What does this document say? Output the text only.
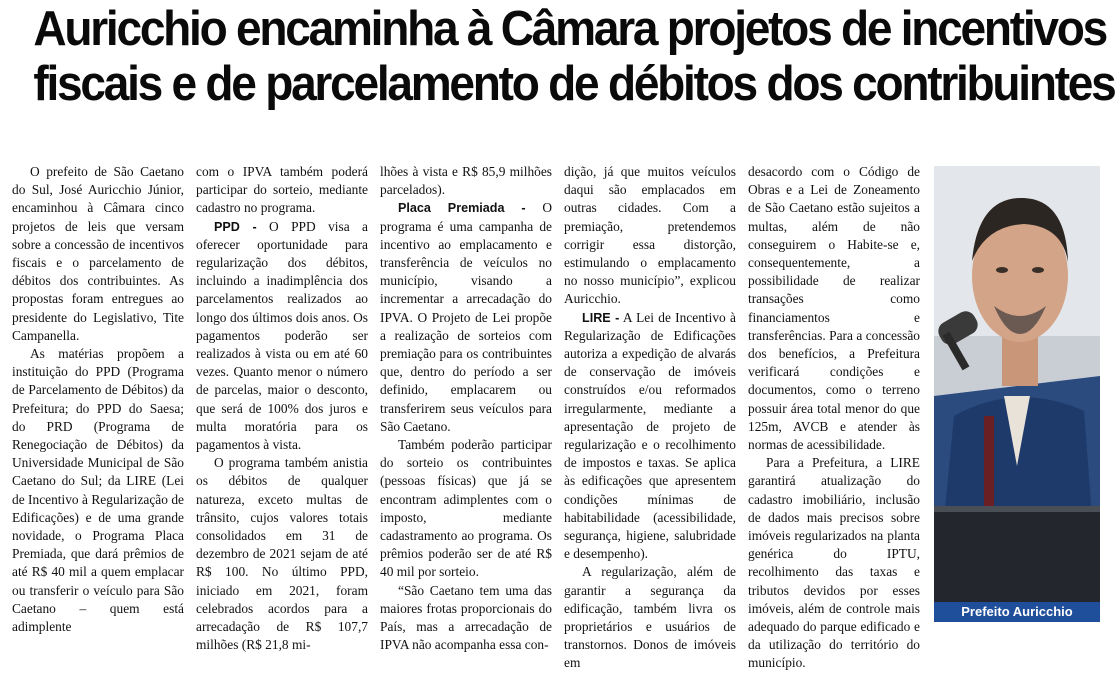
Auricchio encaminha à Câmara projetos de incentivos
fiscais e de parcelamento de débitos dos contribuintes

O prefeito de São Caetano do Sul, José Auricchio Júnior, encaminhou à Câmara cinco projetos de leis que versam sobre a concessão de incentivos fiscais e o parcelamento de débitos dos contribuintes. As propostas foram entregues ao presidente do Legislativo, Tite Campanella.

As matérias propõem a instituição do PPD (Programa de Parcelamento de Débitos) da Prefeitura; do PPD do Saesa; do PRD (Programa de Renegociação de Débitos) da Universidade Municipal de São Caetano do Sul; da LIRE (Lei de Incentivo à Regularização de Edificações) e de uma grande novidade, o Programa Placa Premiada, que dará prêmios de até R$ 40 mil a quem emplacar ou transferir o veículo para São Caetano – quem está adimplente

com o IPVA também poderá participar do sorteio, mediante cadastro no programa.

PPD - O PPD visa a oferecer oportunidade para regularização dos débitos, incluindo a inadimplência dos parcelamentos realizados ao longo dos últimos dois anos. Os pagamentos poderão ser realizados à vista ou em até 60 vezes. Quanto menor o número de parcelas, maior o desconto, que será de 100% dos juros e multa moratória para os pagamentos à vista.

O programa também anistia os débitos de qualquer natureza, exceto multas de trânsito, cujos valores totais consolidados em 31 de dezembro de 2021 sejam de até R$ 100. No último PPD, iniciado em 2021, foram celebrados acordos para a arrecadação de R$ 107,7 milhões (R$ 21,8 mi-

lhões à vista e R$ 85,9 milhões parcelados).

Placa Premiada - O programa é uma campanha de incentivo ao emplacamento e transferência de veículos no município, visando a incrementar a arrecadação do IPVA. O Projeto de Lei propõe a realização de sorteios com premiação para os contribuintes que, dentro do período a ser definido, emplacarem ou transferirem seus veículos para São Caetano.

Também poderão participar do sorteio os contribuintes (pessoas físicas) que já se encontram adimplentes com o imposto, mediante cadastramento ao programa. Os prêmios poderão ser de até R$ 40 mil por sorteio.

“São Caetano tem uma das maiores frotas proporcionais do País, mas a arrecadação de IPVA não acompanha essa con-

dição, já que muitos veículos daqui são emplacados em outras cidades. Com a premiação, pretendemos corrigir essa distorção, estimulando o emplacamento no nosso município”, explicou Auricchio.

LIRE - A Lei de Incentivo à Regularização de Edificações autoriza a expedição de alvarás de conservação de imóveis construídos e/ou reformados irregularmente, mediante a apresentação de projeto de regularização e o recolhimento de impostos e taxas. Se aplica às edificações que apresentem condições mínimas de habitabilidade (acessibilidade, segurança, higiene, salubridade e desempenho).

A regularização, além de garantir a segurança da edificação, também livra os proprietários e usuários de transtornos. Donos de imóveis em

desacordo com o Código de Obras e a Lei de Zoneamento de São Caetano estão sujeitos a multas, além de não conseguirem o Habite-se e, consequentemente, a possibilidade de realizar transações como financiamentos e transferências. Para a concessão dos benefícios, a Prefeitura verificará condições e documentos, como o terreno possuir área total menor do que 125m, AVCB e atender às normas de acessibilidade.

Para a Prefeitura, a LIRE garantirá atualização do cadastro imobiliário, inclusão de dados mais precisos sobre imóveis regularizados na planta genérica do IPTU, recolhimento das taxas e tributos devidos por esses imóveis, além de controle mais adequado do parque edificado e da utilização do território do município.

Prefeito Auricchio
